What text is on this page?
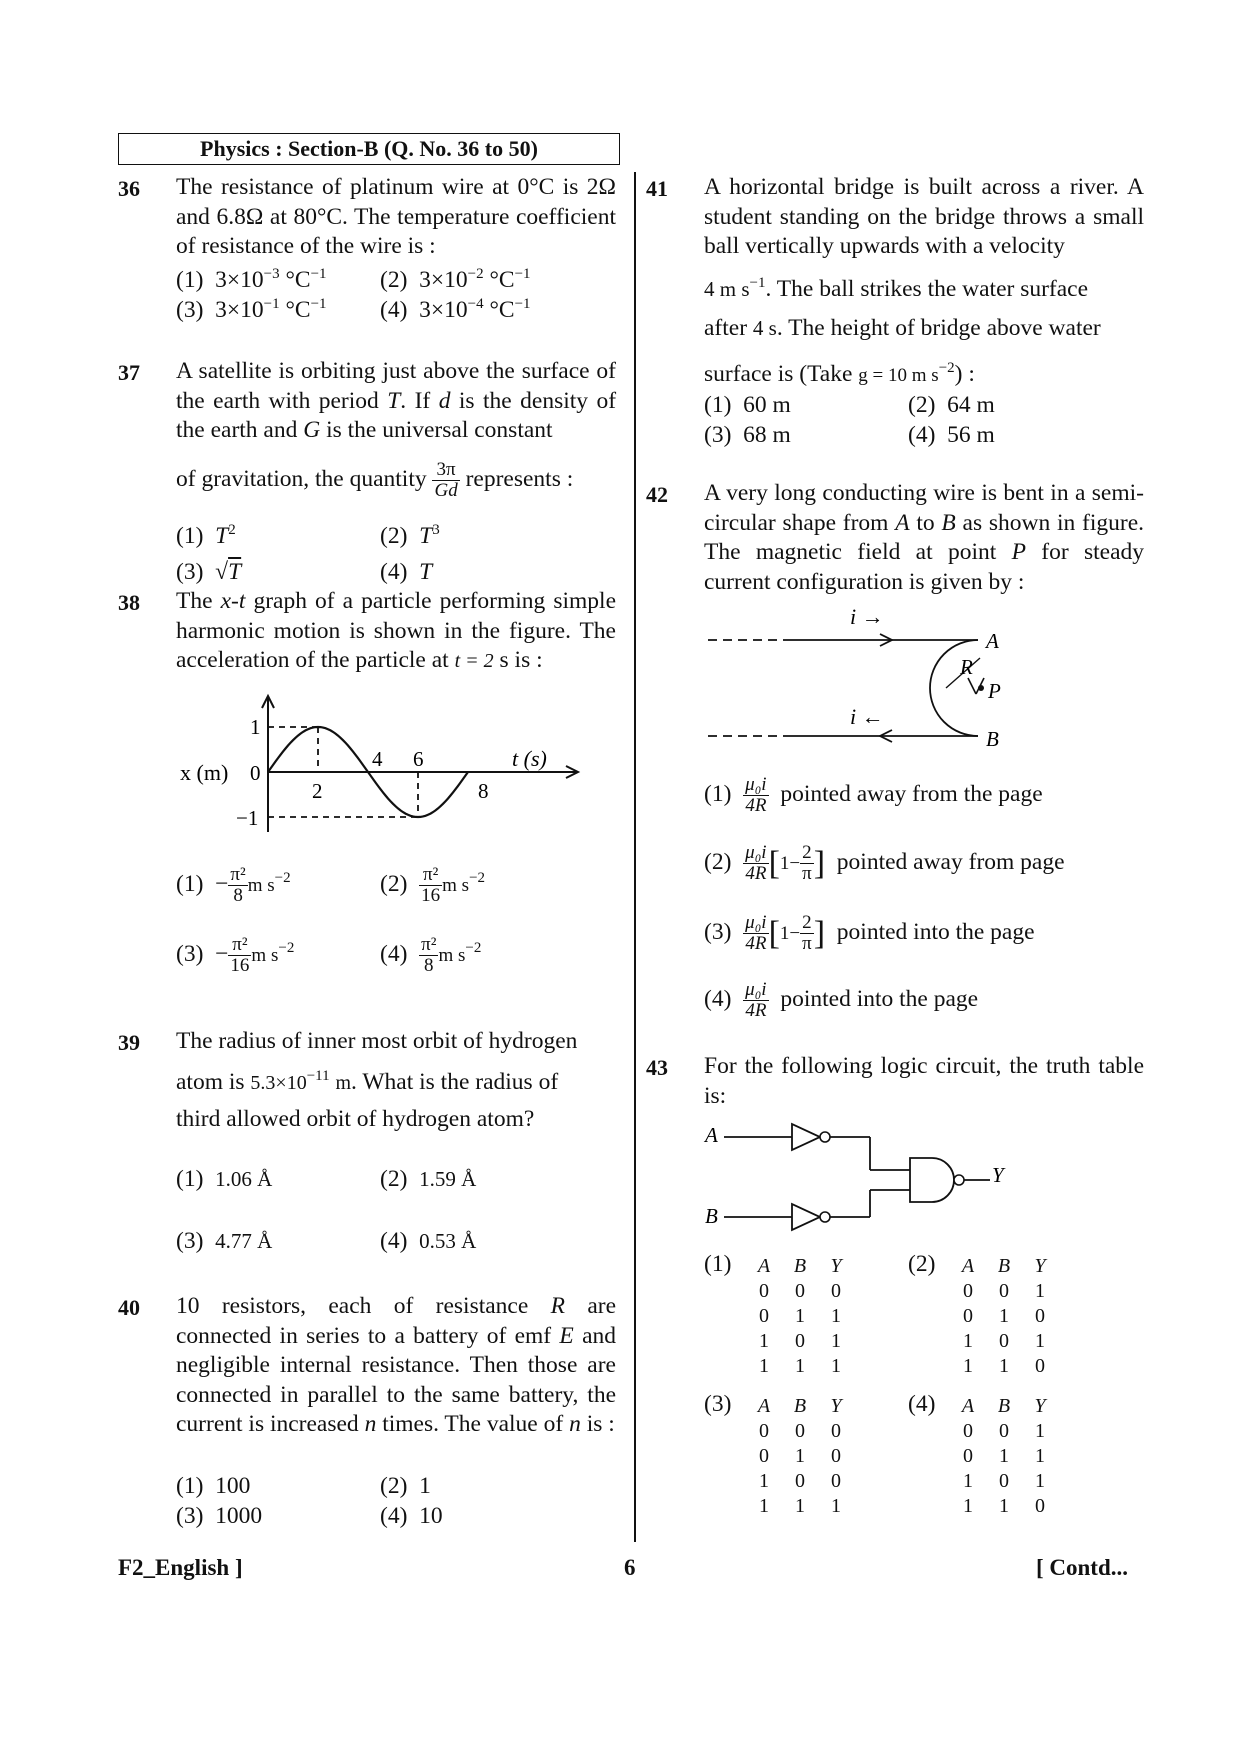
Physics : Section-B (Q. No. 36 to 50)
36 The resistance of platinum wire at 0°C is 2Ω and 6.8Ω at 80°C. The temperature coefficient of resistance of the wire is :
(1) $3\times 10^{-3}$ $^\circ C^{-1}$ (2) $3\times 10^{-2}$ $^\circ C^{-1}$
(3) $3\times 10^{-1}$ $^\circ C^{-1}$ (4) $3\times 10^{-4}$ $^\circ C^{-1}$
37 A satellite is orbiting just above the surface of the earth with period T. If d is the density of the earth and G is the universal constant
of gravitation, the quantity $\frac{3\pi}{Gd}$ represents :
(1) $T^2$	(2) $T^3$
(3) √T	(4) T
38 The x-t graph of a particle performing simple harmonic motion is shown in the figure. The acceleration of the particle at t = 2 s is :
x (m)
1
0
−1
2
4 6
8
t (s)
$(1) - \frac{\text{π²}}{8}$ m $s^{-2}$	$(2) \frac{\text{π²}}{16}$ m $s^{-2}$
$(3) - \frac{\text{π²}}{16}$ m $s^{-2}$	$(4) \frac{\text{π²}}{8}$ m $s^{-2}$
39 The radius of inner most orbit of hydrogen
atom is $5.3\times 10^{-11}$ m. What is the radius of
third allowed orbit of hydrogen atom?
(1) 1.06 Å	(2) 1.59 Å
(3) 4.77 Å	(4) 0.53 Å
40 10 resistors, each of resistance R are connected in series to a battery of emf E and negligible internal resistance. Then those are connected in parallel to the same battery, the current is increased n times. The value of n is :
(1) 100	(2) 1
(3) 1000	(4) 10
41 A horizontal bridge is built across a river. A student standing on the bridge throws a small ball vertically upwards with a velocity
4 m $s^{-1}$. The ball strikes the water surface
after 4 s. The height of bridge above water
surface is (Take g = 10 m $s^{-2}$) :
(1) 60 m	(2) 64 m
(3) 68 m	(4) 56 m
42 A very long conducting wire is bent in a semi-circular shape from A to B as shown in figure. The magnetic field at point P for steady current configuration is given by :
i →
i ←
A
B
R
P
$(1) \frac{\text{μ₀i}}{4R}$ pointed away from the page
$(2) \frac{\text{μ₀i}}{4R} [1- \frac{2}{\pi}$ ] pointed away from page
$(3) \frac{\text{μ₀i}}{4R} [1- \frac{2}{\pi}$ ] pointed into the page
$(4) \frac{\text{μ₀i}}{4R}$ pointed into the page
43 For the following logic circuit, the truth table is:
A
B
Y
(1) A	B	Y
0	0	0
0	1	1
1	0	1
1	1	1
(2) A	B	Y
0	0	1
0	1	0
1	0	1
1	1	0
(3) A	B	Y
0	0	0
0	1	0
1	0	0
1	1	1
(4) A	B	Y
0	0	1
0	1	1
1	0	1
1	1	0
F2_English ]	6	[ Contd...
